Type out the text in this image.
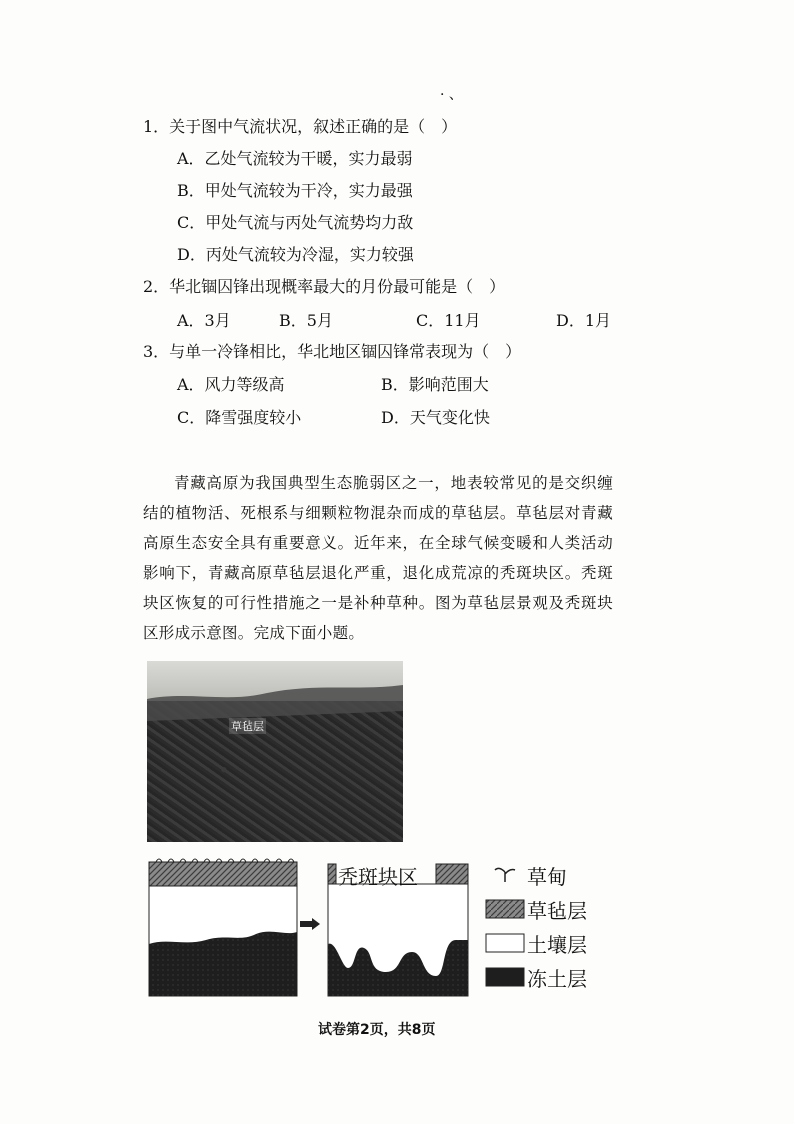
· 、
1．关于图中气流状况，叙述正确的是（　）
A．乙处气流较为干暖，实力最弱
B．甲处气流较为干冷，实力最强
C．甲处气流与丙处气流势均力敌
D．丙处气流较为冷湿，实力较强
2．华北锢囚锋出现概率最大的月份最可能是（　）
A．3月	B．5月	C．11月	D．1月
3．与单一冷锋相比，华北地区锢囚锋常表现为（　）
A．风力等级高	B．影响范围大
C．降雪强度较小	D．天气变化快

青藏高原为我国典型生态脆弱区之一，地表较常见的是交织缠结的植物活、死根系与细颗粒物混杂而成的草毡层。草毡层对青藏高原生态安全具有重要意义。近年来，在全球气候变暖和人类活动影响下，青藏高原草毡层退化严重，退化成荒凉的秃斑块区。秃斑块区恢复的可行性措施之一是补种草种。图为草毡层景观及秃斑块区形成示意图。完成下面小题。

草毡层
秃斑块区	草甸
草毡层
土壤层
冻土层
试卷第2页，共8页
